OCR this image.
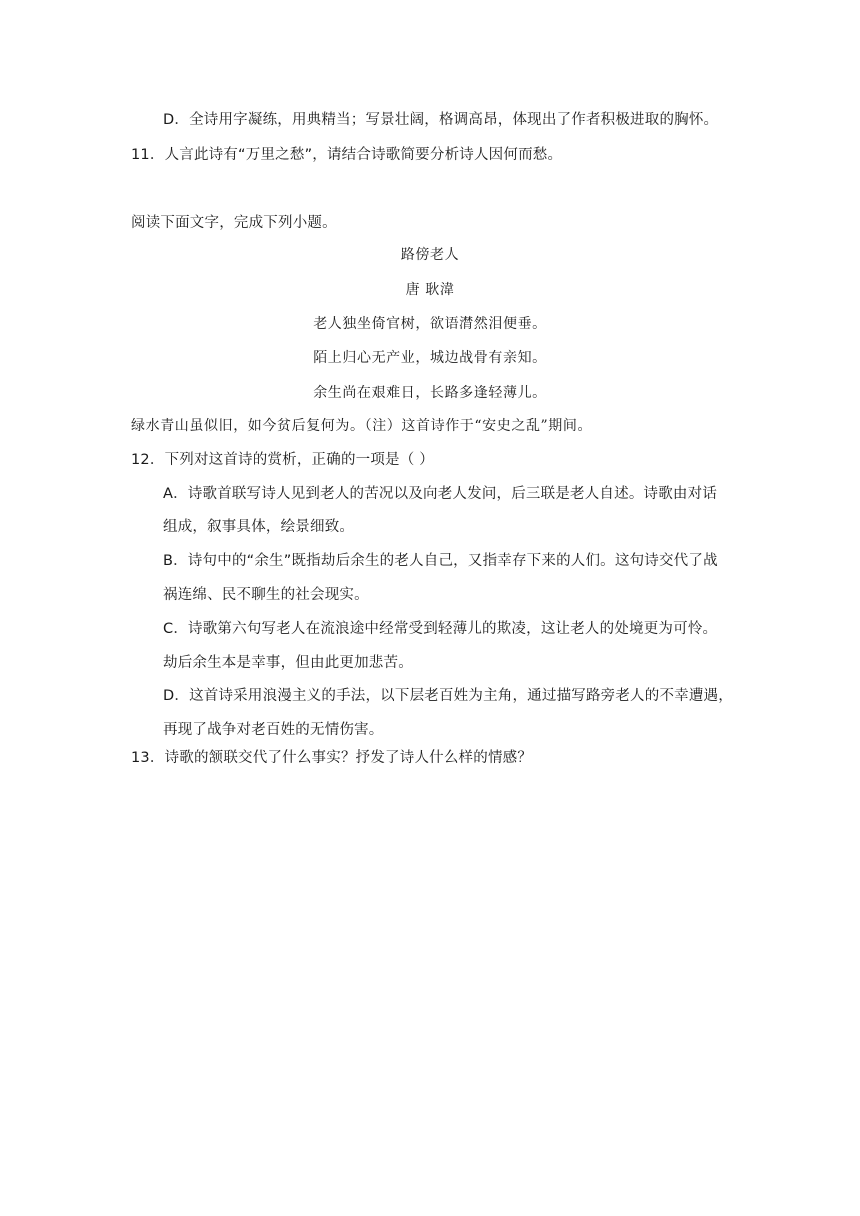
D．全诗用字凝练，用典精当；写景壮阔，格调高昂，体现出了作者积极进取的胸怀。
11．人言此诗有“万里之愁”，请结合诗歌简要分析诗人因何而愁。
阅读下面文字，完成下列小题。
路傍老人
唐 耿湋
老人独坐倚官树，欲语潸然泪便垂。
陌上归心无产业，城边战骨有亲知。
余生尚在艰难日，长路多逢轻薄儿。
绿水青山虽似旧，如今贫后复何为。（注）这首诗作于“安史之乱”期间。
12．下列对这首诗的赏析，正确的一项是（ ）
A．诗歌首联写诗人见到老人的苦况以及向老人发问，后三联是老人自述。诗歌由对话
组成，叙事具体，绘景细致。
B．诗句中的“余生”既指劫后余生的老人自己，又指幸存下来的人们。这句诗交代了战
祸连绵、民不聊生的社会现实。
C．诗歌第六句写老人在流浪途中经常受到轻薄儿的欺凌，这让老人的处境更为可怜。
劫后余生本是幸事，但由此更加悲苦。
D．这首诗采用浪漫主义的手法，以下层老百姓为主角，通过描写路旁老人的不幸遭遇，
再现了战争对老百姓的无情伤害。
13．诗歌的颔联交代了什么事实？抒发了诗人什么样的情感？
